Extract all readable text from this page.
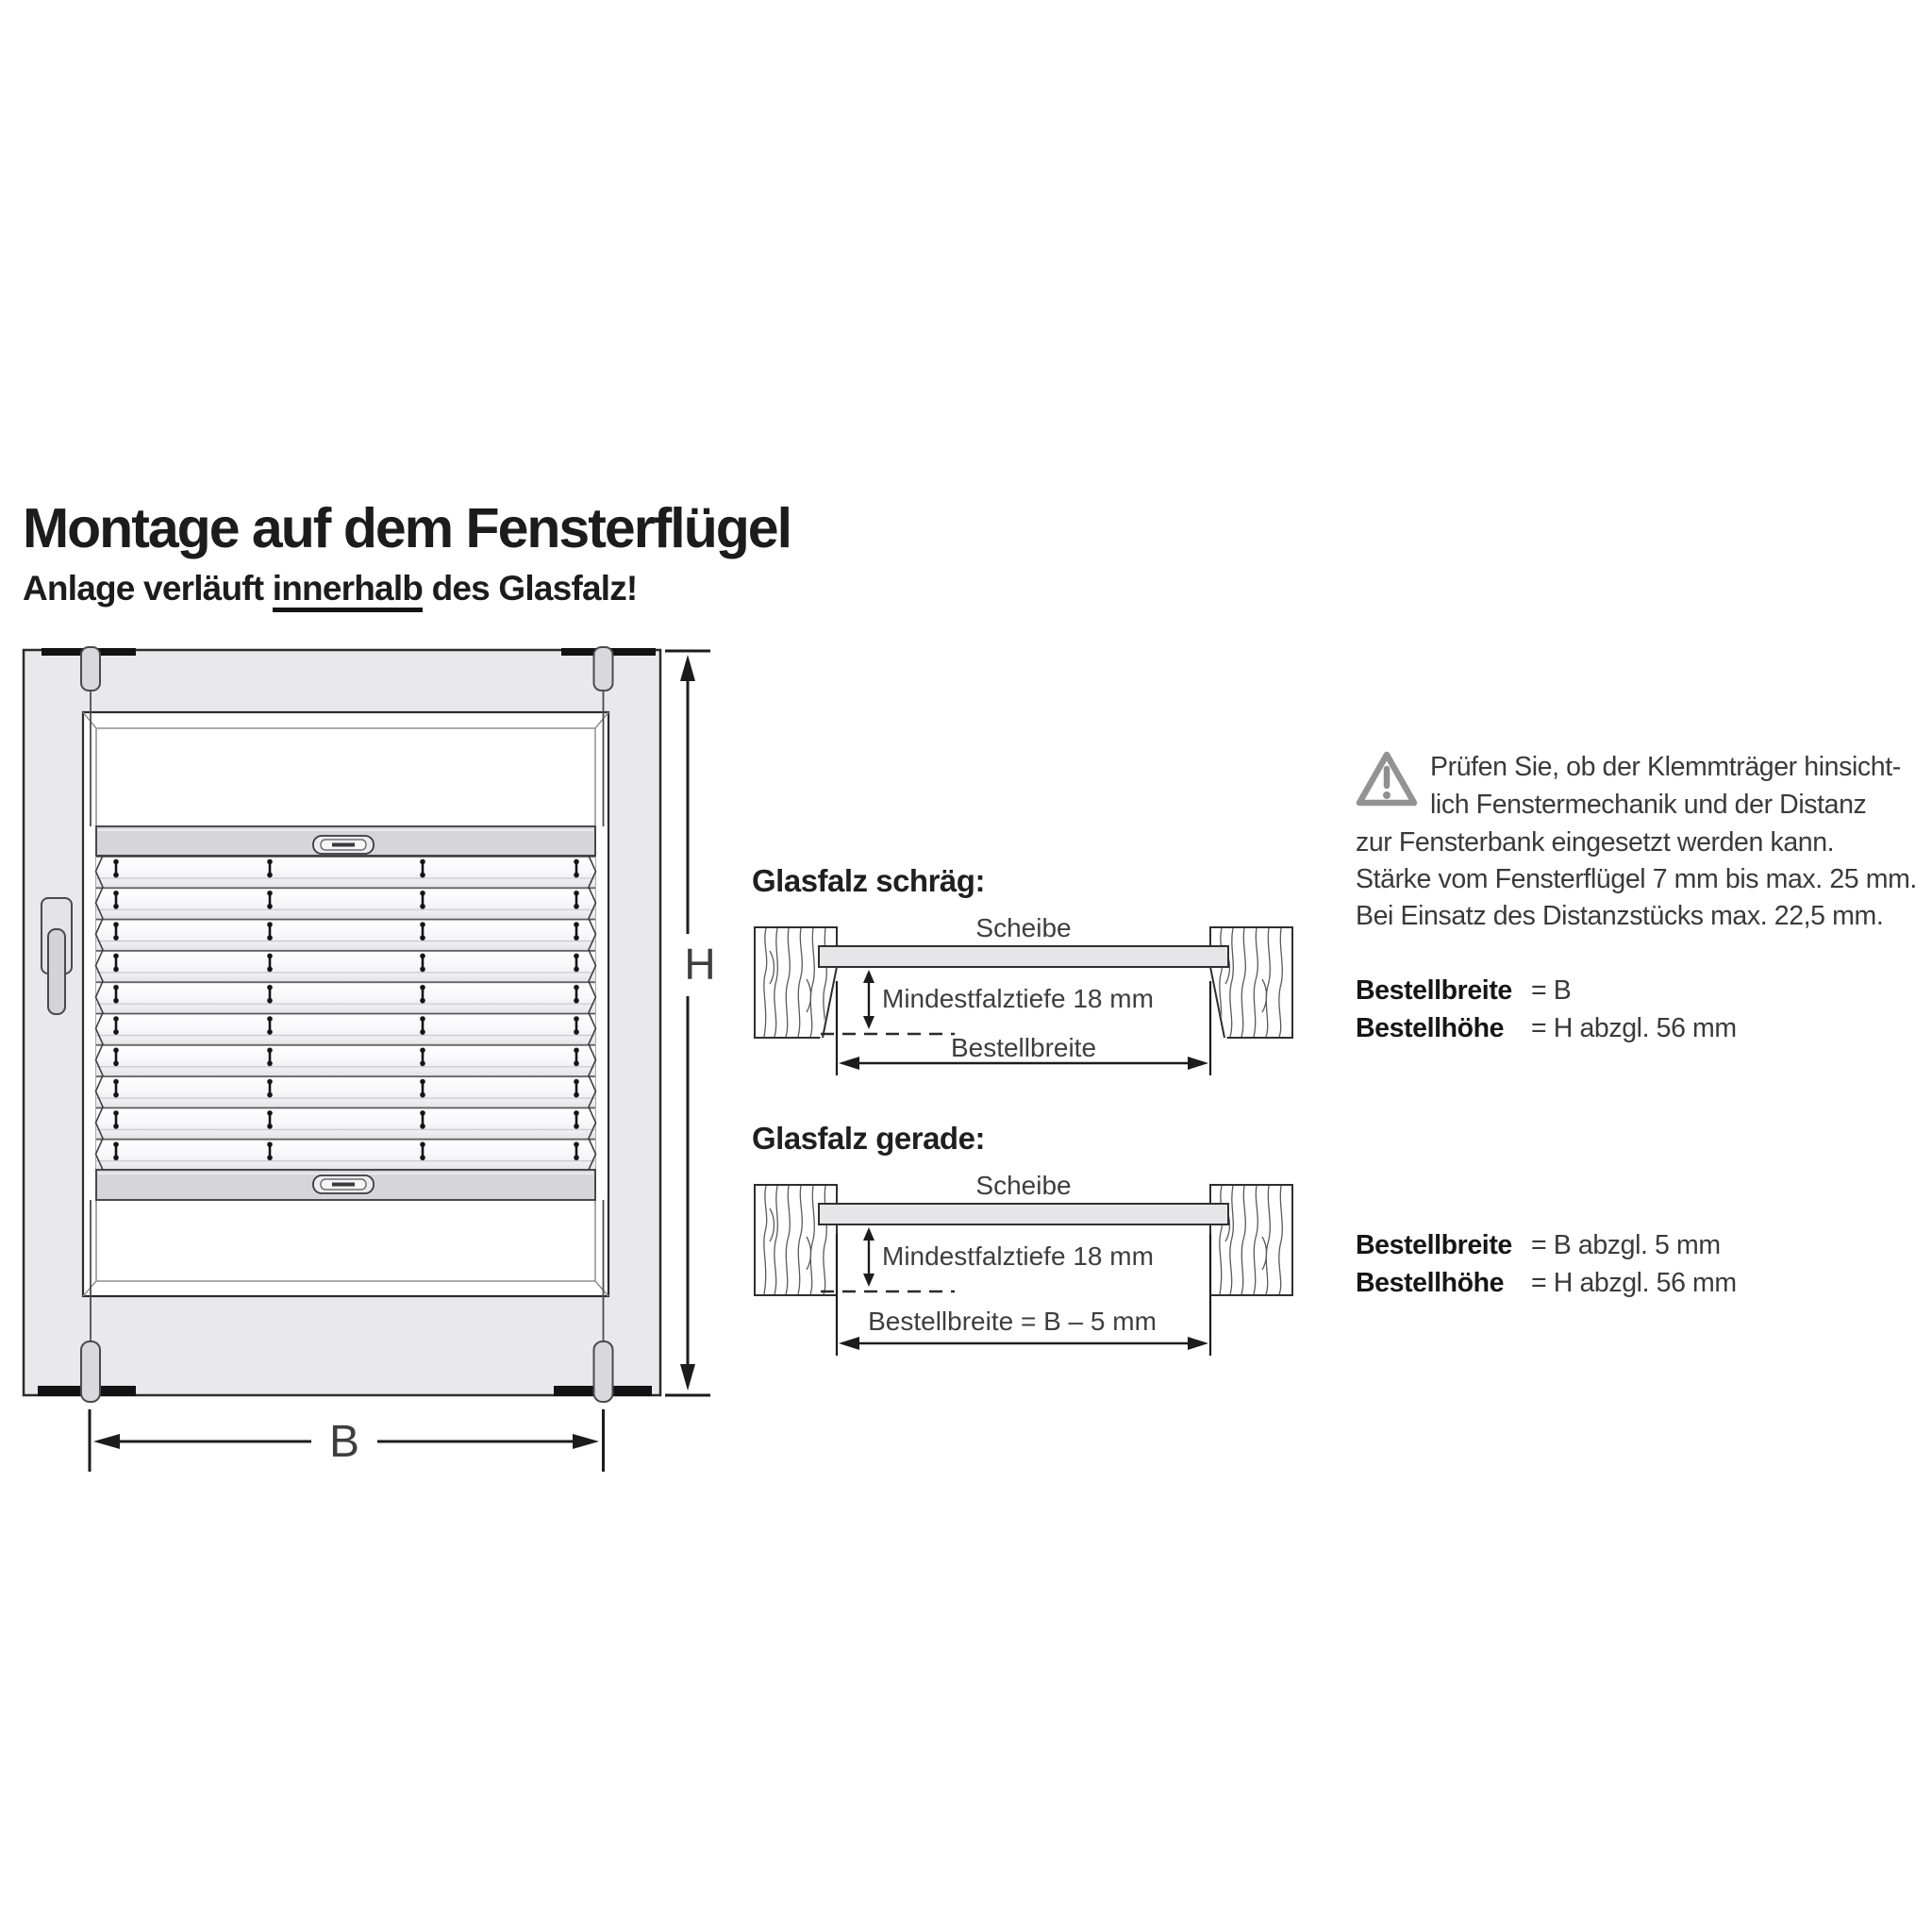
Montage auf dem Fensterflügel
Anlage verläuft innerhalb des Glasfalz!
Glasfalz schräg:
Glasfalz gerade:
H
B
Scheibe
Mindestfalztiefe 18 mm
Bestellbreite
Scheibe
Mindestfalztiefe 18 mm
Bestellbreite = B – 5 mm
Prüfen Sie, ob der Klemmträger hinsicht-
lich Fenstermechanik und der Distanz
zur Fensterbank eingesetzt werden kann.
Stärke vom Fensterflügel 7 mm bis max. 25 mm.
Bei Einsatz des Distanzstücks max. 22,5 mm.
Bestellbreite = B
Bestellhöhe	= H abzgl. 56 mm
Bestellbreite = B abzgl. 5 mm
Bestellhöhe	= H abzgl. 56 mm
